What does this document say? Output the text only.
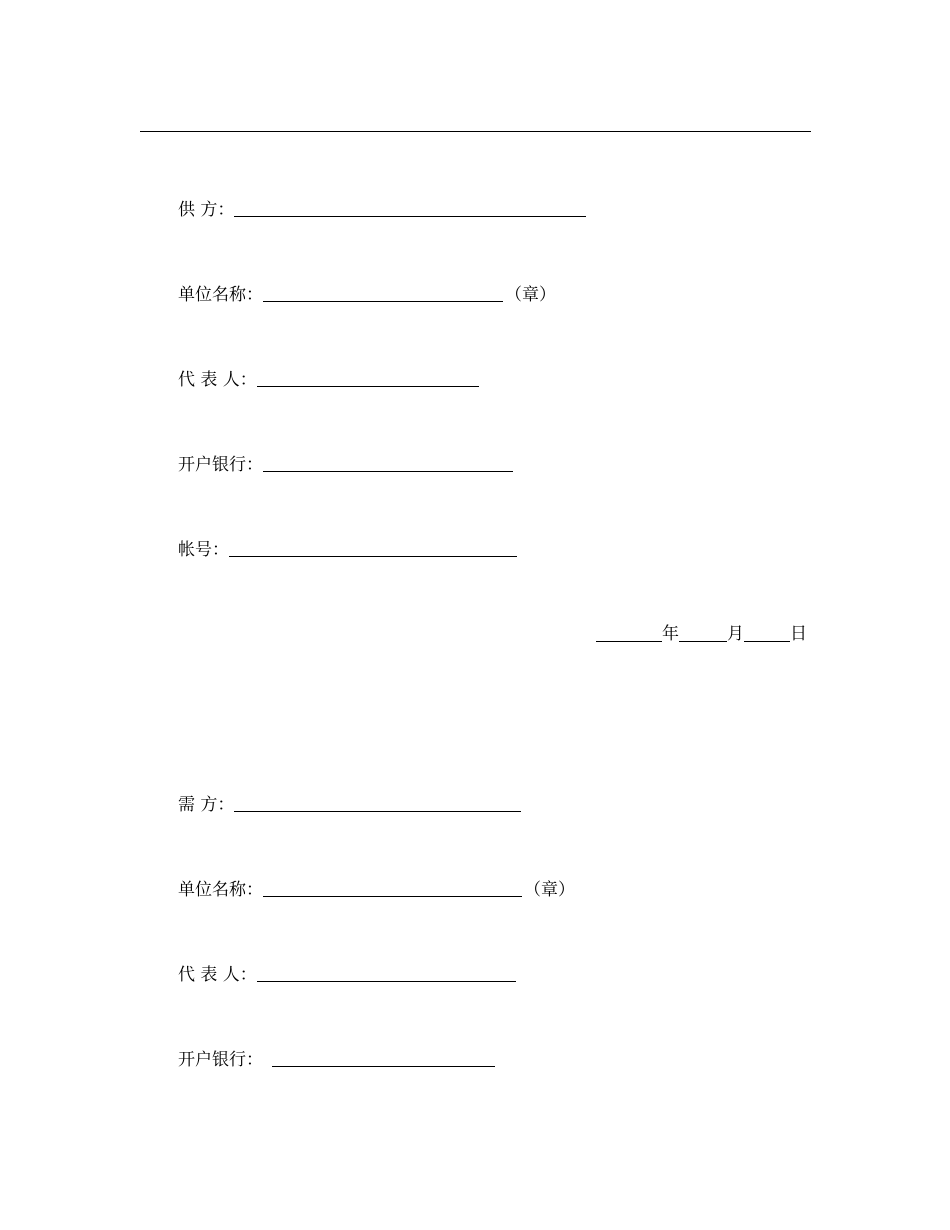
供 方：
单位名称：	（章）
代 表 人：
开户银行：
帐号：
年	月	日
需 方：
单位名称：	（章）
代 表 人：
开户银行：
